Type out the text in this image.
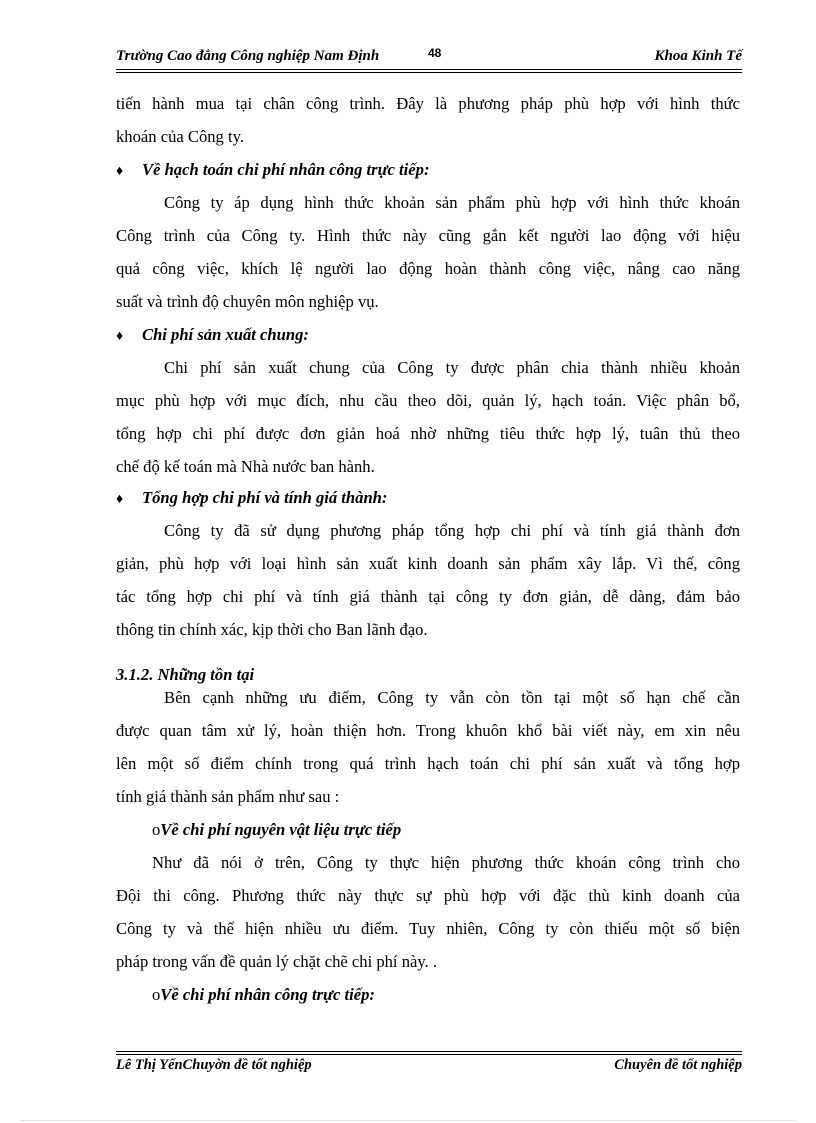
Trường Cao đẳng Công nghiệp Nam Định	48	Khoa Kinh Tế
tiến hành mua tại chân công trình. Đây là phương pháp phù hợp với hình thức
khoán của Công ty.
♦ Về hạch toán chi phí nhân công trực tiếp:
Công ty áp dụng hình thức khoản sản phẩm phù hợp với hình thức khoán
Công trình của Công ty. Hình thức này cũng gắn kết người lao động với hiệu
quả công việc, khích lệ người lao động hoàn thành công việc, nâng cao năng
suất và trình độ chuyên môn nghiệp vụ.
♦ Chi phí sản xuất chung:
Chi phí sản xuất chung của Công ty được phân chia thành nhiều khoản
mục phù hợp với mục đích, nhu cầu theo dõi, quản lý, hạch toán. Việc phân bổ,
tổng hợp chi phí được đơn giản hoá nhờ những tiêu thức hợp lý, tuân thủ theo
chế độ kế toán mà Nhà nước ban hành.
♦ Tổng hợp chi phí và tính giá thành:
Công ty đã sử dụng phương pháp tổng hợp chi phí và tính giá thành đơn
giản, phù hợp với loại hình sản xuất kinh doanh sản phẩm xây lắp. Vì thế, công
tác tổng hợp chi phí và tính giá thành tại công ty đơn giản, dễ dàng, đảm bảo
thông tin chính xác, kịp thời cho Ban lãnh đạo.
3.1.2. Những tồn tại
Bên cạnh những ưu điểm, Công ty vẫn còn tồn tại một số hạn chế cần
được quan tâm xử lý, hoàn thiện hơn. Trong khuôn khổ bài viết này, em xin nêu
lên một số điểm chính trong quá trình hạch toán chi phí sản xuất và tổng hợp
tính giá thành sản phẩm như sau :
oVề chi phí nguyên vật liệu trực tiếp
Như đã nói ở trên, Công ty thực hiện phương thức khoán công trình cho
Đội thi công. Phương thức này thực sự phù hợp với đặc thù kinh doanh của
Công ty và thể hiện nhiều ưu điểm. Tuy nhiên, Công ty còn thiếu một số biện
pháp trong vấn đề quản lý chặt chẽ chi phí này. .
oVề chi phí nhân công trực tiếp:
Lê Thị YếnChuyờn đề tốt nghiệp	Chuyên đề tốt nghiệp
